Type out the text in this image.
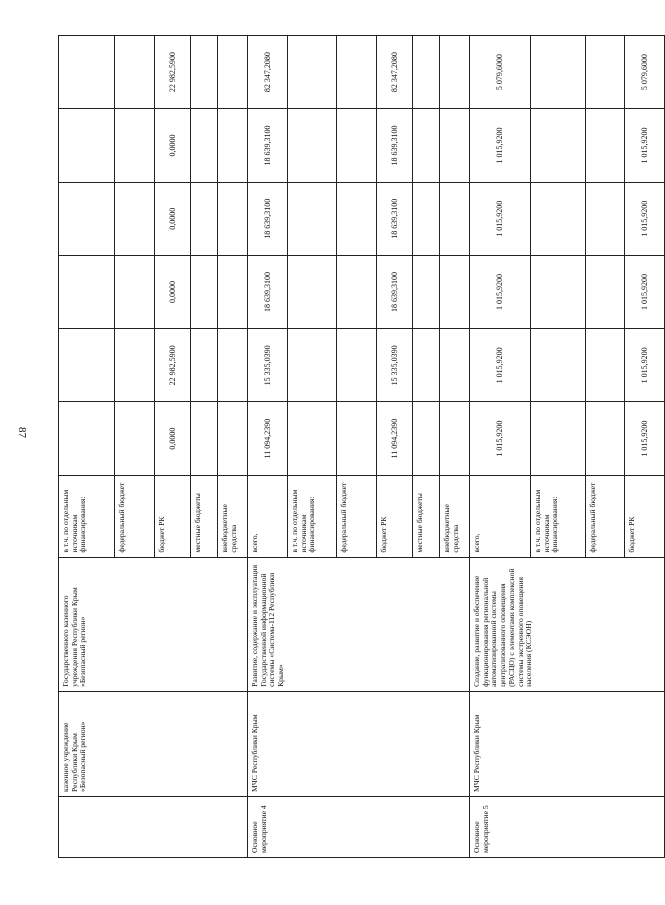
87
	казенное учреждение Республики Крым «Безопасный регион»	Государственного казенного учреждения Республики Крым «Безопасный регион»	в т.ч. по отдельным источникам финансирования:						
			федеральный бюджет						
			бюджет РК	0,0000	22 982,5900	0,0000	0,0000	0,0000	22 982,5900
			местные бюджеты						
			внебюджетные средства						
Основное мероприятие 4	МЧС Республики Крым	Развитие, содержание и эксплуатация Государственной информационной системы «Система-112 Республики Крым»	всего,	11 094,2390	15 335,0390	18 639,3100	18 639,3100	18 639,3100	82 347,2080
			в т.ч. по отдельным источникам финансирования:						
			федеральный бюджет						
			бюджет РК	11 094,2390	15 335,0390	18 639,3100	18 639,3100	18 639,3100	82 347,2080
			местные бюджеты						
			внебюджетные средства						
Основное мероприятие 5	МЧС Республики Крым	Создание, развитие и обеспечение функционирования региональной автоматизированной системы централизованного оповещения (РАСЦО) с элементами комплексной системы экстренного оповещения населения (КСЭОН)	всего,	1 015,9200	1 015,9200	1 015,9200	1 015,9200	1 015,9200	5 079,6000
			в т.ч. по отдельным источникам финансирования:						
			федеральный бюджет						
			бюджет РК	1 015,9200	1 015,9200	1 015,9200	1 015,9200	1 015,9200	5 079,6000
